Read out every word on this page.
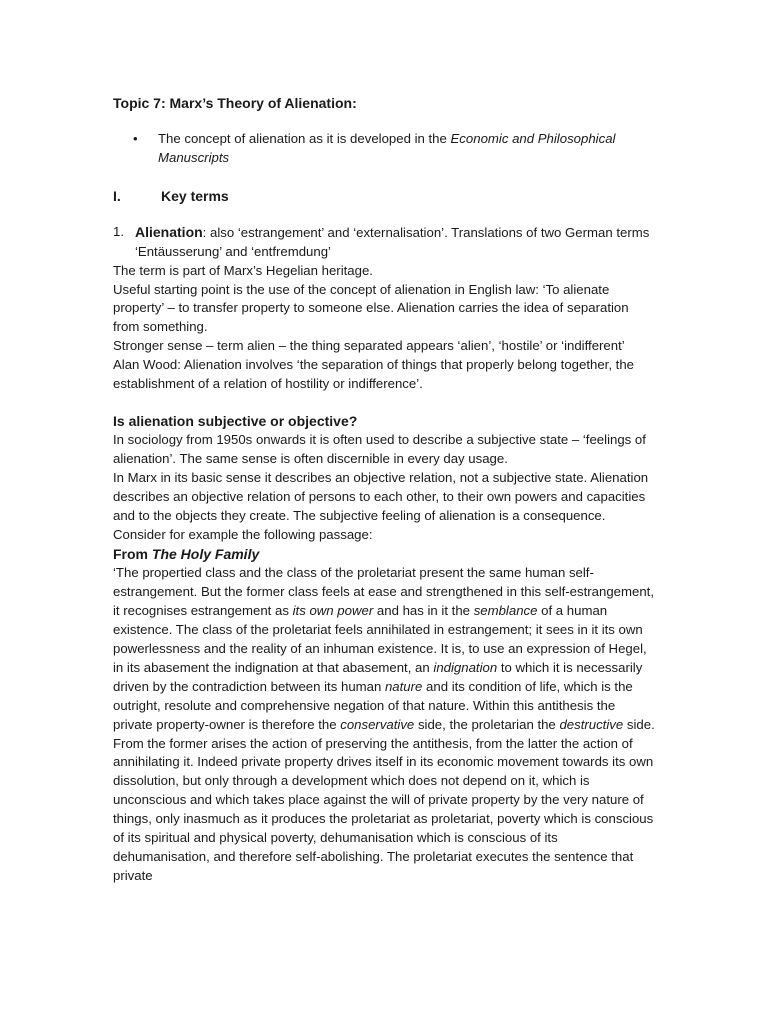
Topic 7: Marx’s Theory of Alienation:
• The concept of alienation as it is developed in the Economic and Philosophical Manuscripts
I.	Key terms
1. Alienation: also ‘estrangement’ and ‘externalisation’. Translations of two German terms ‘Entäusserung’ and ‘entfremdung’

The term is part of Marx’s Hegelian heritage.

Useful starting point is the use of the concept of alienation in English law: ‘To alienate property’ – to transfer property to someone else. Alienation carries the idea of separation from something.

Stronger sense – term alien – the thing separated appears ‘alien’, ‘hostile’ or ‘indifferent’

Alan Wood: Alienation involves ‘the separation of things that properly belong together, the establishment of a relation of hostility or indifference’.

Is alienation subjective or objective?

In sociology from 1950s onwards it is often used to describe a subjective state – ‘feelings of alienation’. The same sense is often discernible in every day usage.

In Marx in its basic sense it describes an objective relation, not a subjective state. Alienation describes an objective relation of persons to each other, to their own powers and capacities and to the objects they create. The subjective feeling of alienation is a consequence.

Consider for example the following passage:

From The Holy Family

‘The propertied class and the class of the proletariat present the same human self-estrangement. But the former class feels at ease and strengthened in this self-estrangement, it recognises estrangement as its own power and has in it the semblance of a human existence. The class of the proletariat feels annihilated in estrangement; it sees in it its own powerlessness and the reality of an inhuman existence. It is, to use an expression of Hegel, in its abasement the indignation at that abasement, an indignation to which it is necessarily driven by the contradiction between its human nature and its condition of life, which is the outright, resolute and comprehensive negation of that nature. Within this antithesis the private property-owner is therefore the conservative side, the proletarian the destructive side. From the former arises the action of preserving the antithesis, from the latter the action of annihilating it. Indeed private property drives itself in its economic movement towards its own dissolution, but only through a development which does not depend on it, which is unconscious and which takes place against the will of private property by the very nature of things, only inasmuch as it produces the proletariat as proletariat, poverty which is conscious of its spiritual and physical poverty, dehumanisation which is conscious of its dehumanisation, and therefore self-abolishing. The proletariat executes the sentence that private
